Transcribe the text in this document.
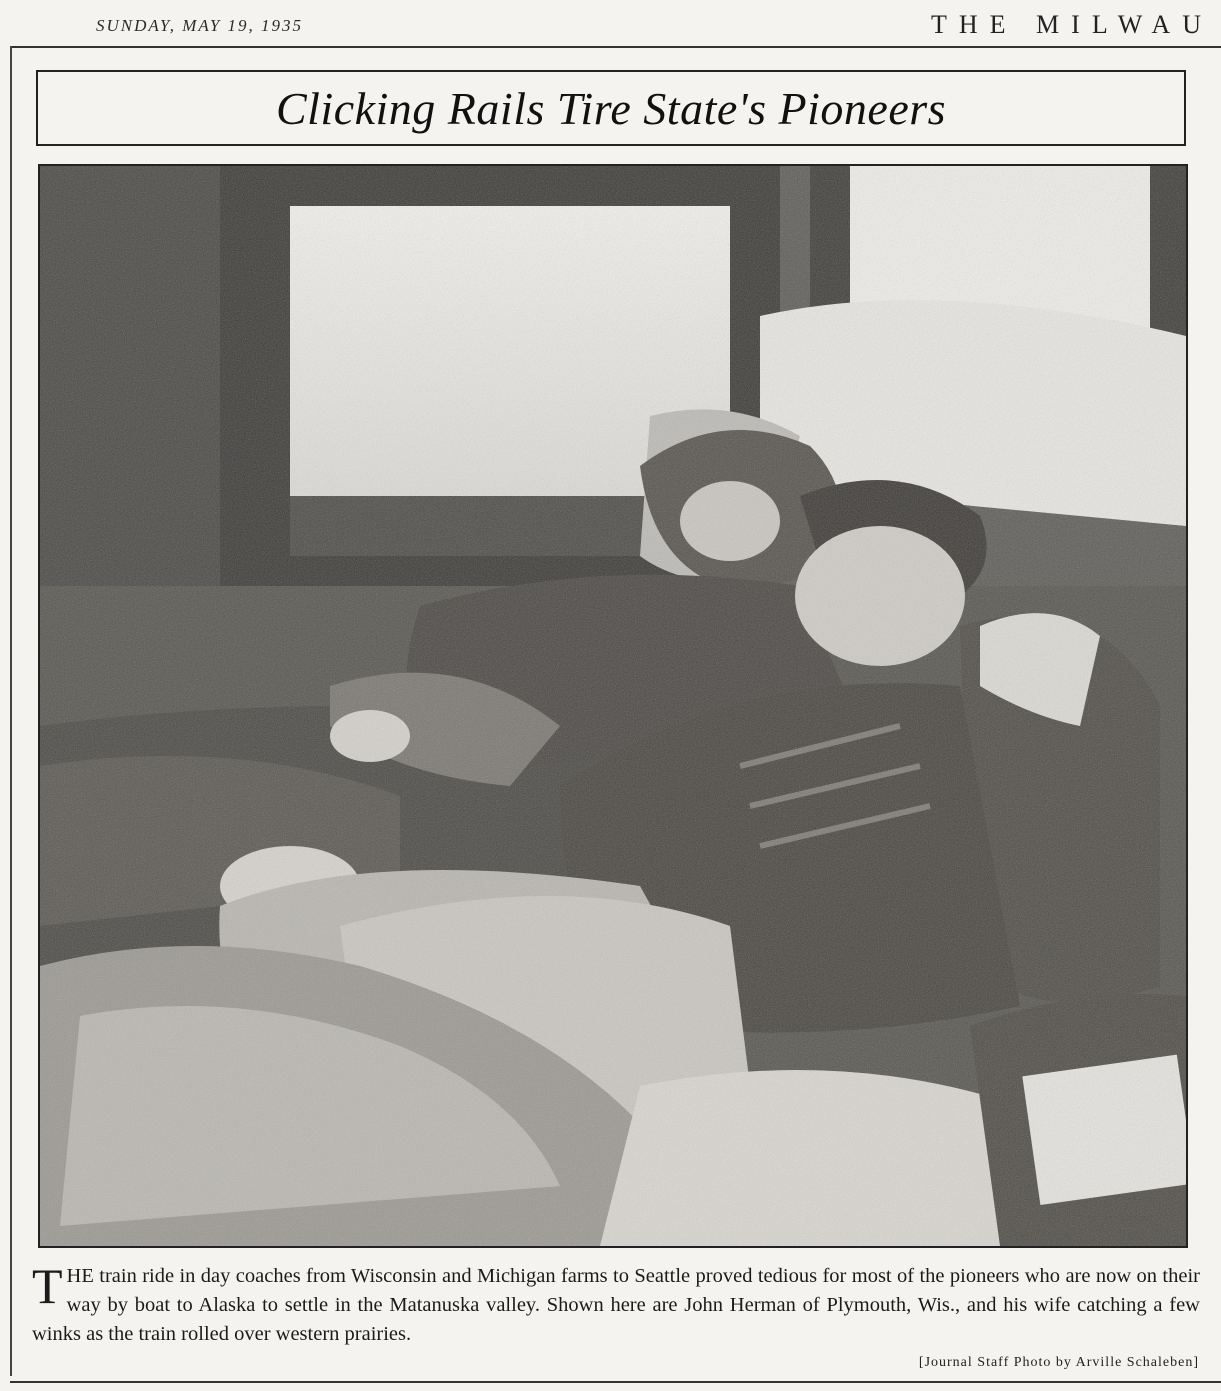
SUNDAY, MAY 19, 1935	THE MILWAU
Clicking Rails Tire State's Pioneers
THE train ride in day coaches from Wisconsin and Michigan farms to Seattle proved tedious for most of the pioneers who are now on their way by boat to Alaska to settle in the Matanuska valley. Shown here are John Herman of Plymouth, Wis., and his wife catching a few winks as the train rolled over western prairies.
[Journal Staff Photo by Arville Schaleben]
